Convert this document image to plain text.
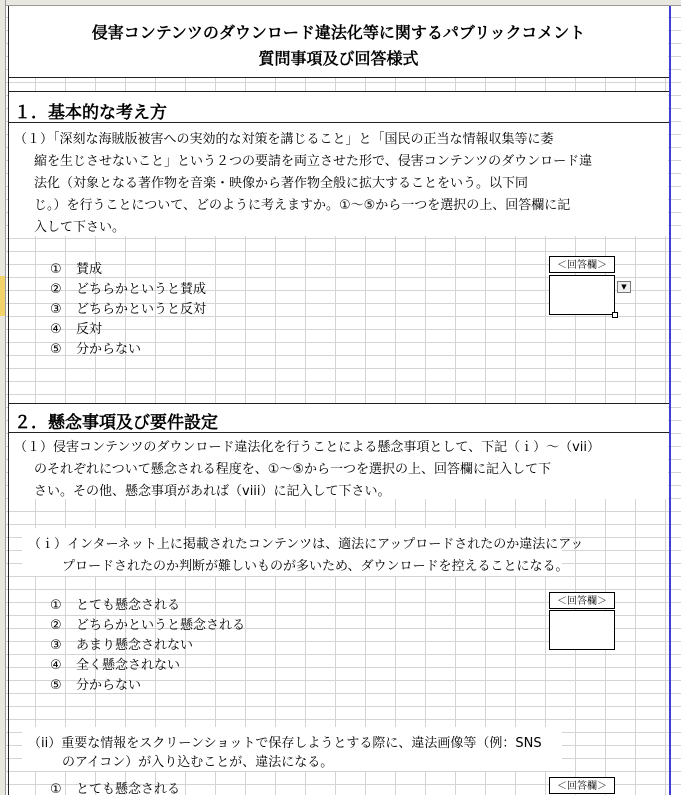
侵害コンテンツのダウンロード違法化等に関するパブリックコメント
質問事項及び回答様式
１．基本的な考え方
（１）「深刻な海賊版被害への実効的な対策を講じること」と「国民の正当な情報収集等に萎
縮を生じさせないこと」という２つの要請を両立させた形で、侵害コンテンツのダウンロード違
法化（対象となる著作物を音楽・映像から著作物全般に拡大することをいう。以下同
じ。）を行うことについて、どのように考えますか。①～⑤から一つを選択の上、回答欄に記
入して下さい。
① 賛成
② どちらかというと賛成
③ どちらかというと反対
④ 反対
⑤ 分からない
＜回答欄＞
▼
２．懸念事項及び要件設定
（１）侵害コンテンツのダウンロード違法化を行うことによる懸念事項として、下記（ｉ）～（vii）
のそれぞれについて懸念される程度を、①～⑤から一つを選択の上、回答欄に記入して下
さい。その他、懸念事項があれば（viii）に記入して下さい。
（ｉ）インターネット上に掲載されたコンテンツは、適法にアップロードされたのか違法にアッ
プロードされたのか判断が難しいものが多いため、ダウンロードを控えることになる。
① とても懸念される
② どちらかというと懸念される
③ あまり懸念されない
④ 全く懸念されない
⑤ 分からない
＜回答欄＞
（ii）重要な情報をスクリーンショットで保存しようとする際に、違法画像等（例：SNS
のアイコン）が入り込むことが、違法になる。
① とても懸念される	＜回答欄＞
